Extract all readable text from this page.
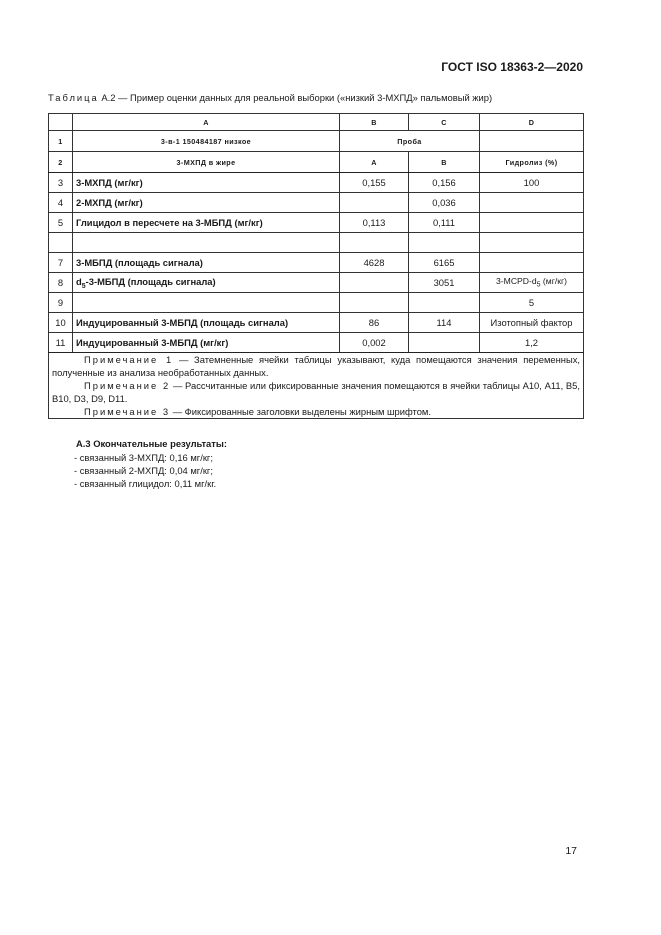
ГОСТ ISO 18363-2—2020
Таблица А.2 — Пример оценки данных для реальной выборки («низкий 3-МХПД» пальмовый жир)
	A	B	C	D
1	3-в-1 150484187 низкое	Проба		
2	3-МХПД в жире	А	В	Гидролиз (%)
3	3-МХПД (мг/кг)	0,155	0,156	100
4	2-МХПД (мг/кг)		0,036	
5	Глицидол в пересчете на 3-МБПД (мг/кг)	0,113	0,111	

7	3-МБПД (площадь сигнала)	4628	6165	
8	$d_5-3$-МБПД (площадь сигнала)		3051	$3-MCPD-d_5$ (мг/кг)
9				5
10	Индуцированный 3-МБПД (площадь сигнала)	86	114	Изотопный фактор
11	Индуцированный 3-МБПД (мг/кг)	0,002		1,2

Примечание 1 — Затемненные ячейки таблицы указывают, куда помещаются значения переменных, полученные из анализа необработанных данных.
Примечание 2 — Рассчитанные или фиксированные значения помещаются в ячейки таблицы А10, А11, В5, В10, D3, D9, D11.
Примечание 3 — Фиксированные заголовки выделены жирным шрифтом.				
А.3 Окончательные результаты:
- связанный 3-МХПД: 0,16 мг/кг;
- связанный 2-МХПД: 0,04 мг/кг;
- связанный глицидол: 0,11 мг/кг.
17
